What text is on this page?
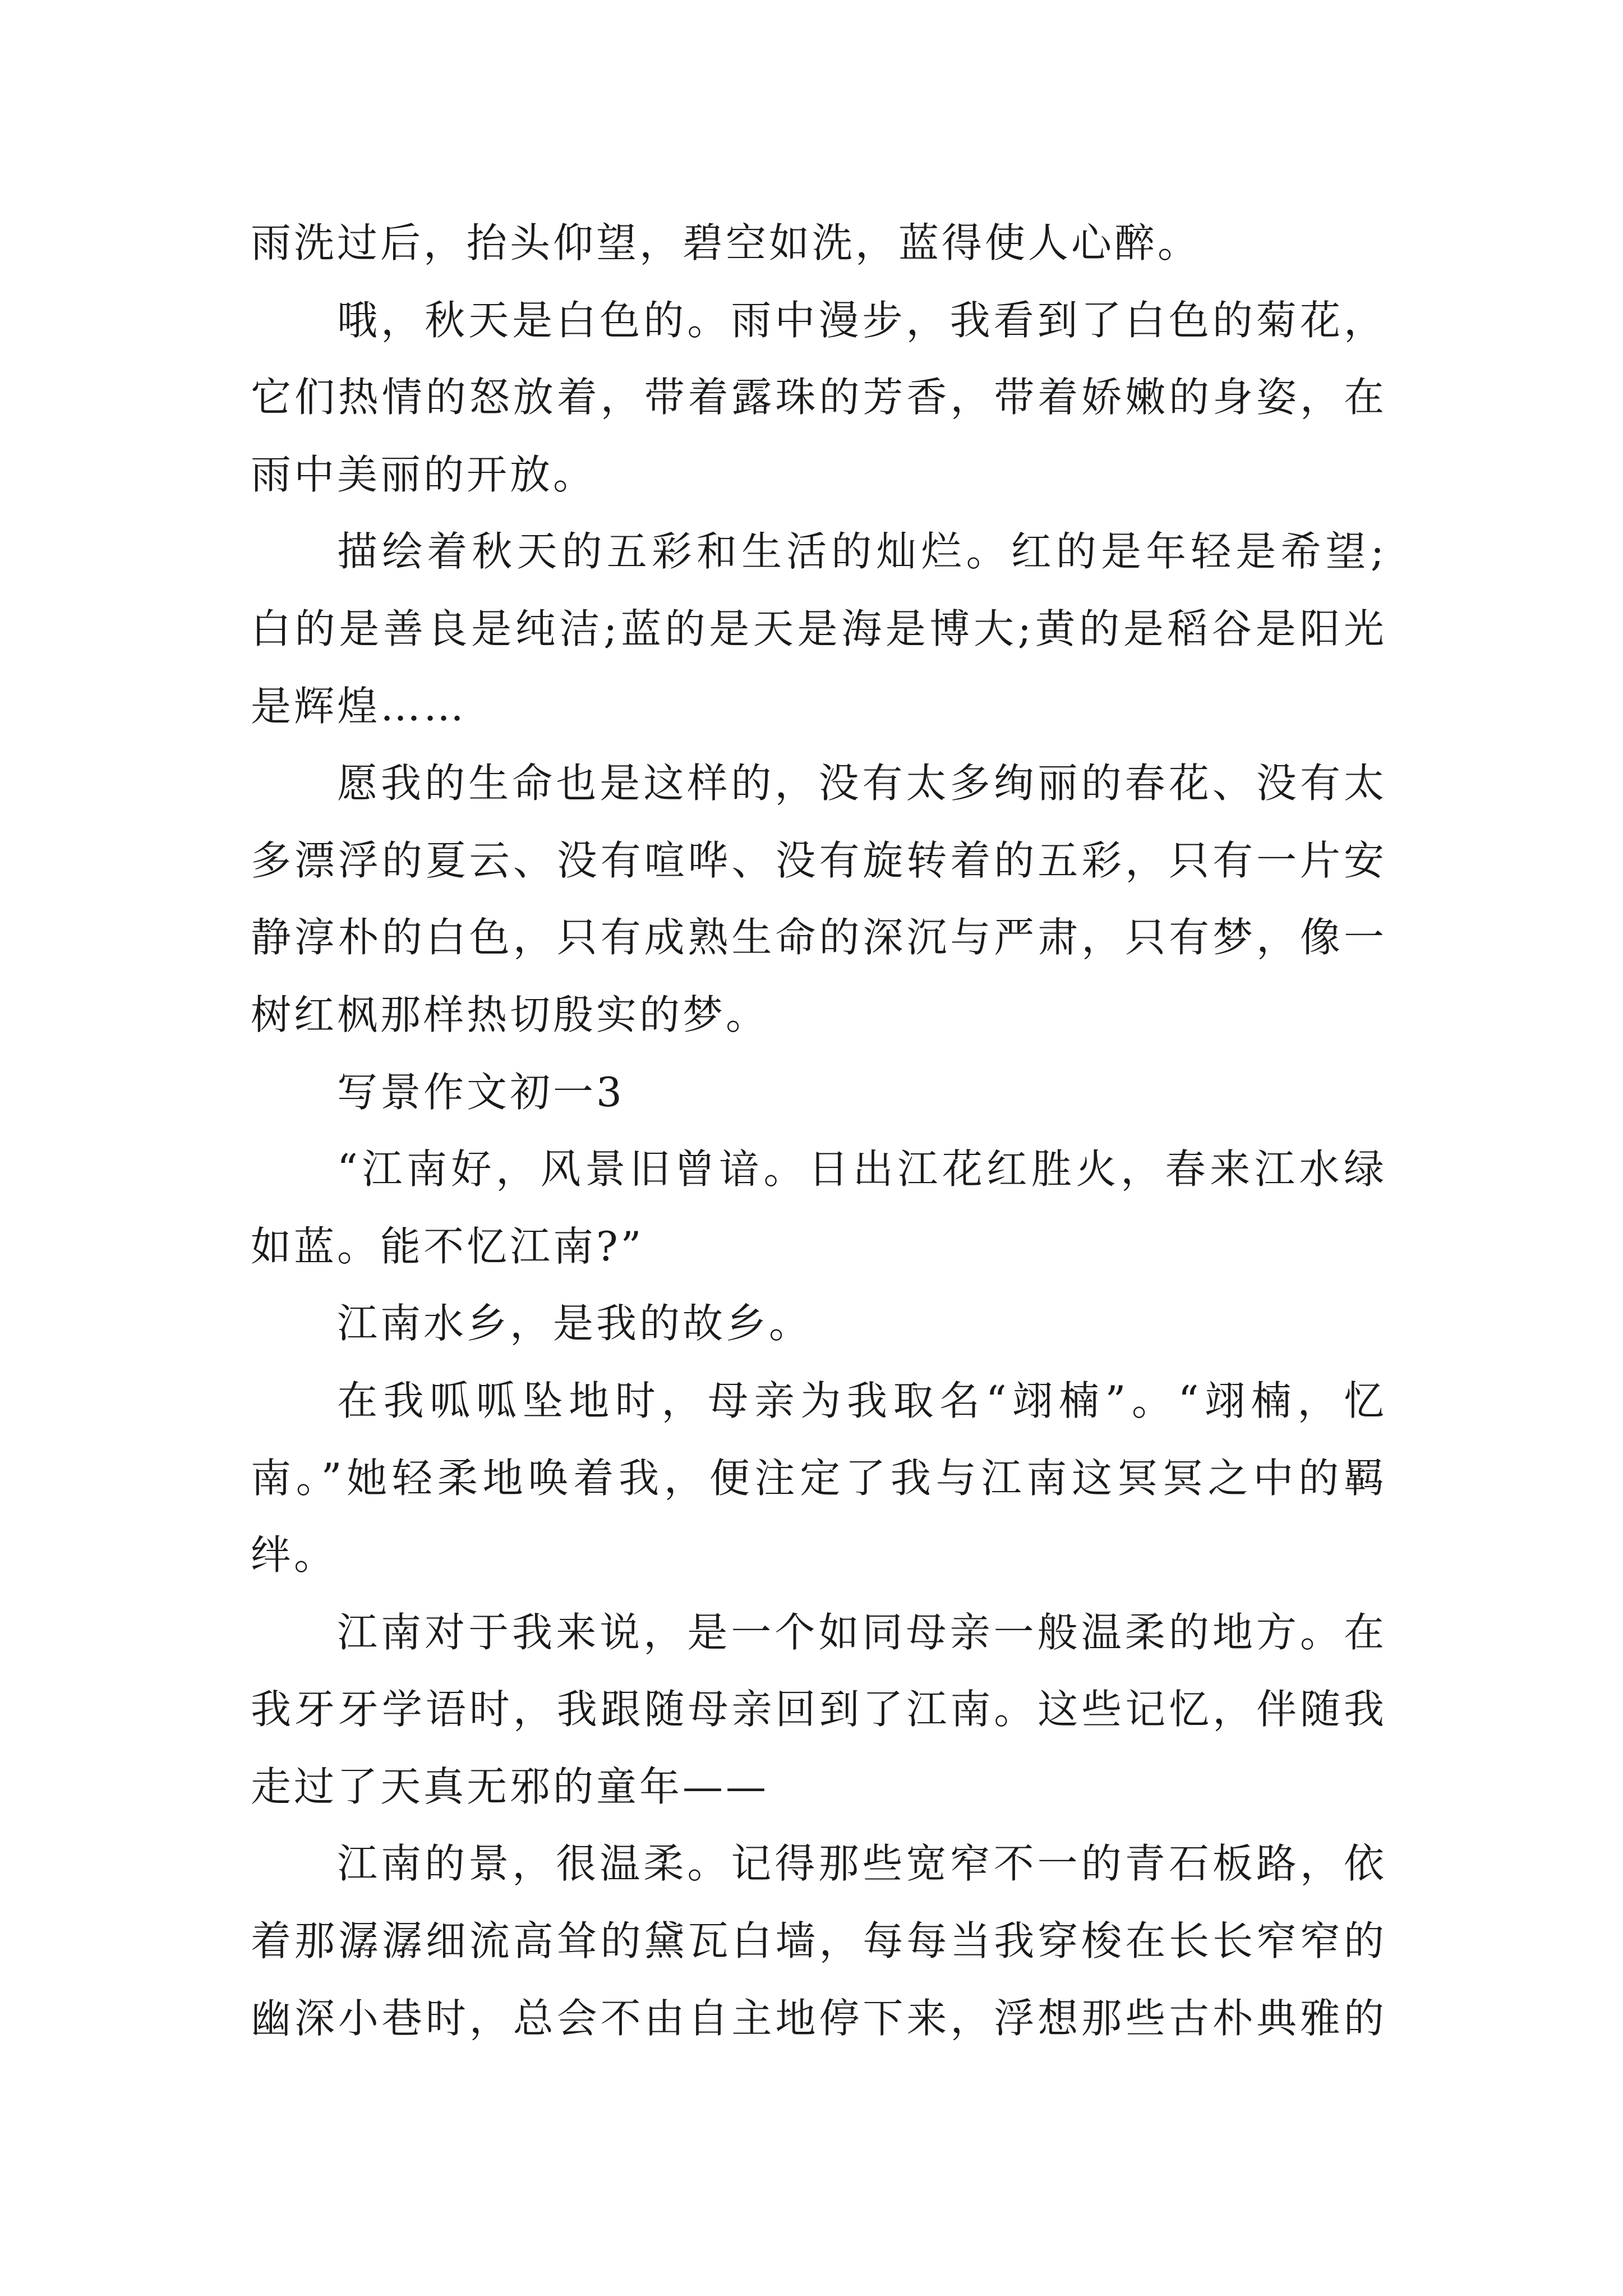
雨洗过后，抬头仰望，碧空如洗，蓝得使人心醉。
哦，秋天是白色的。雨中漫步，我看到了白色的菊花，
它们热情的怒放着，带着露珠的芳香，带着娇嫩的身姿，在
雨中美丽的开放。
描绘着秋天的五彩和生活的灿烂。红的是年轻是希望;
白的是善良是纯洁;蓝的是天是海是博大;黄的是稻谷是阳光
是辉煌……
愿我的生命也是这样的，没有太多绚丽的春花、没有太
多漂浮的夏云、没有喧哗、没有旋转着的五彩，只有一片安
静淳朴的白色，只有成熟生命的深沉与严肃，只有梦，像一
树红枫那样热切殷实的梦。
写景作文初一3
“江南好，风景旧曾谙。日出江花红胜火，春来江水绿
如蓝。能不忆江南?”
江南水乡，是我的故乡。
在我呱呱坠地时，母亲为我取名“翊楠”。“翊楠，忆
南。”她轻柔地唤着我，便注定了我与江南这冥冥之中的羁
绊。
江南对于我来说，是一个如同母亲一般温柔的地方。在
我牙牙学语时，我跟随母亲回到了江南。这些记忆，伴随我
走过了天真无邪的童年——
江南的景，很温柔。记得那些宽窄不一的青石板路，依
着那潺潺细流高耸的黛瓦白墙，每每当我穿梭在长长窄窄的
幽深小巷时，总会不由自主地停下来，浮想那些古朴典雅的
